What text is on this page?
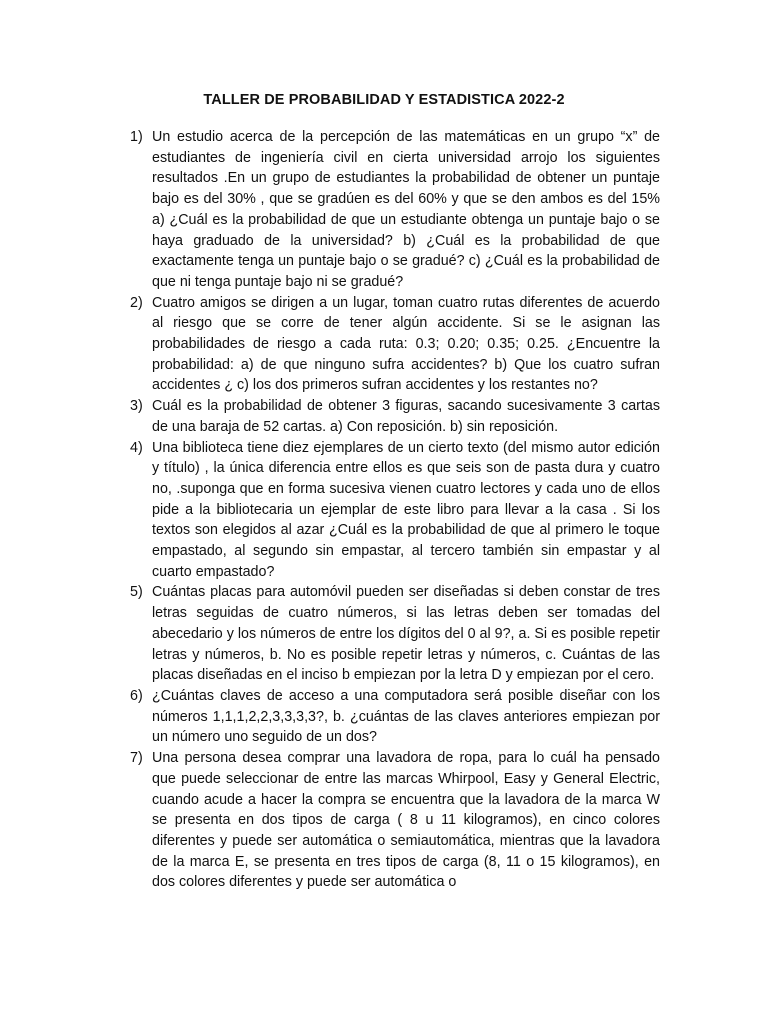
TALLER DE PROBABILIDAD Y ESTADISTICA 2022-2
1) Un estudio acerca de la percepción de las matemáticas en un grupo “x” de estudiantes de ingeniería civil en cierta universidad arrojo los siguientes resultados .En un grupo de estudiantes la probabilidad de obtener un puntaje bajo es del 30% , que se gradúen es del 60% y que se den ambos es del 15% a) ¿Cuál es la probabilidad de que un estudiante obtenga un puntaje bajo o se haya graduado de la universidad? b) ¿Cuál es la probabilidad de que exactamente tenga un puntaje bajo o se gradué? c) ¿Cuál es la probabilidad de que ni tenga puntaje bajo ni se gradué?
2) Cuatro amigos se dirigen a un lugar, toman cuatro rutas diferentes de acuerdo al riesgo que se corre de tener algún accidente. Si se le asignan las probabilidades de riesgo a cada ruta: 0.3; 0.20; 0.35; 0.25. ¿Encuentre la probabilidad: a) de que ninguno sufra accidentes? b) Que los cuatro sufran accidentes ¿ c) los dos primeros sufran accidentes y los restantes no?
3) Cuál es la probabilidad de obtener 3 figuras, sacando sucesivamente 3 cartas de una baraja de 52 cartas. a) Con reposición. b) sin reposición.
4) Una biblioteca tiene diez ejemplares de un cierto texto (del mismo autor edición y título) , la única diferencia entre ellos es que seis son de pasta dura y cuatro no, .suponga que en forma sucesiva vienen cuatro lectores y cada uno de ellos pide a la bibliotecaria un ejemplar de este libro para llevar a la casa . Si los textos son elegidos al azar ¿Cuál es la probabilidad de que al primero le toque empastado, al segundo sin empastar, al tercero también sin empastar y al cuarto empastado?
5) Cuántas placas para automóvil pueden ser diseñadas si deben constar de tres letras seguidas de cuatro números, si las letras deben ser tomadas del abecedario y los números de entre los dígitos del 0 al 9?, a. Si es posible repetir letras y números, b. No es posible repetir letras y números, c. Cuántas de las placas diseñadas en el inciso b empiezan por la letra D y empiezan por el cero.
6) ¿Cuántas claves de acceso a una computadora será posible diseñar con los números 1,1,1,2,2,3,3,3,3?, b. ¿cuántas de las claves anteriores empiezan por un número uno seguido de un dos?
7) Una persona desea comprar una lavadora de ropa, para lo cuál ha pensado que puede seleccionar de entre las marcas Whirpool, Easy y General Electric, cuando acude a hacer la compra se encuentra que la lavadora de la marca W se presenta en dos tipos de carga ( 8 u 11 kilogramos), en cinco colores diferentes y puede ser automática o semiautomática, mientras que la lavadora de la marca E, se presenta en tres tipos de carga (8, 11 o 15 kilogramos), en dos colores diferentes y puede ser automática o
